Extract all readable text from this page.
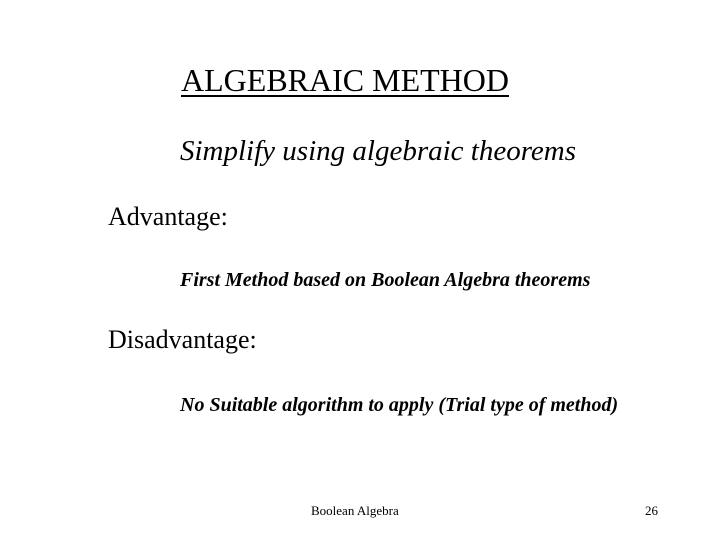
ALGEBRAIC METHOD
Simplify using algebraic theorems
Advantage:
First Method based on Boolean Algebra theorems
Disadvantage:
No Suitable algorithm to apply (Trial type of method)
Boolean Algebra	26
